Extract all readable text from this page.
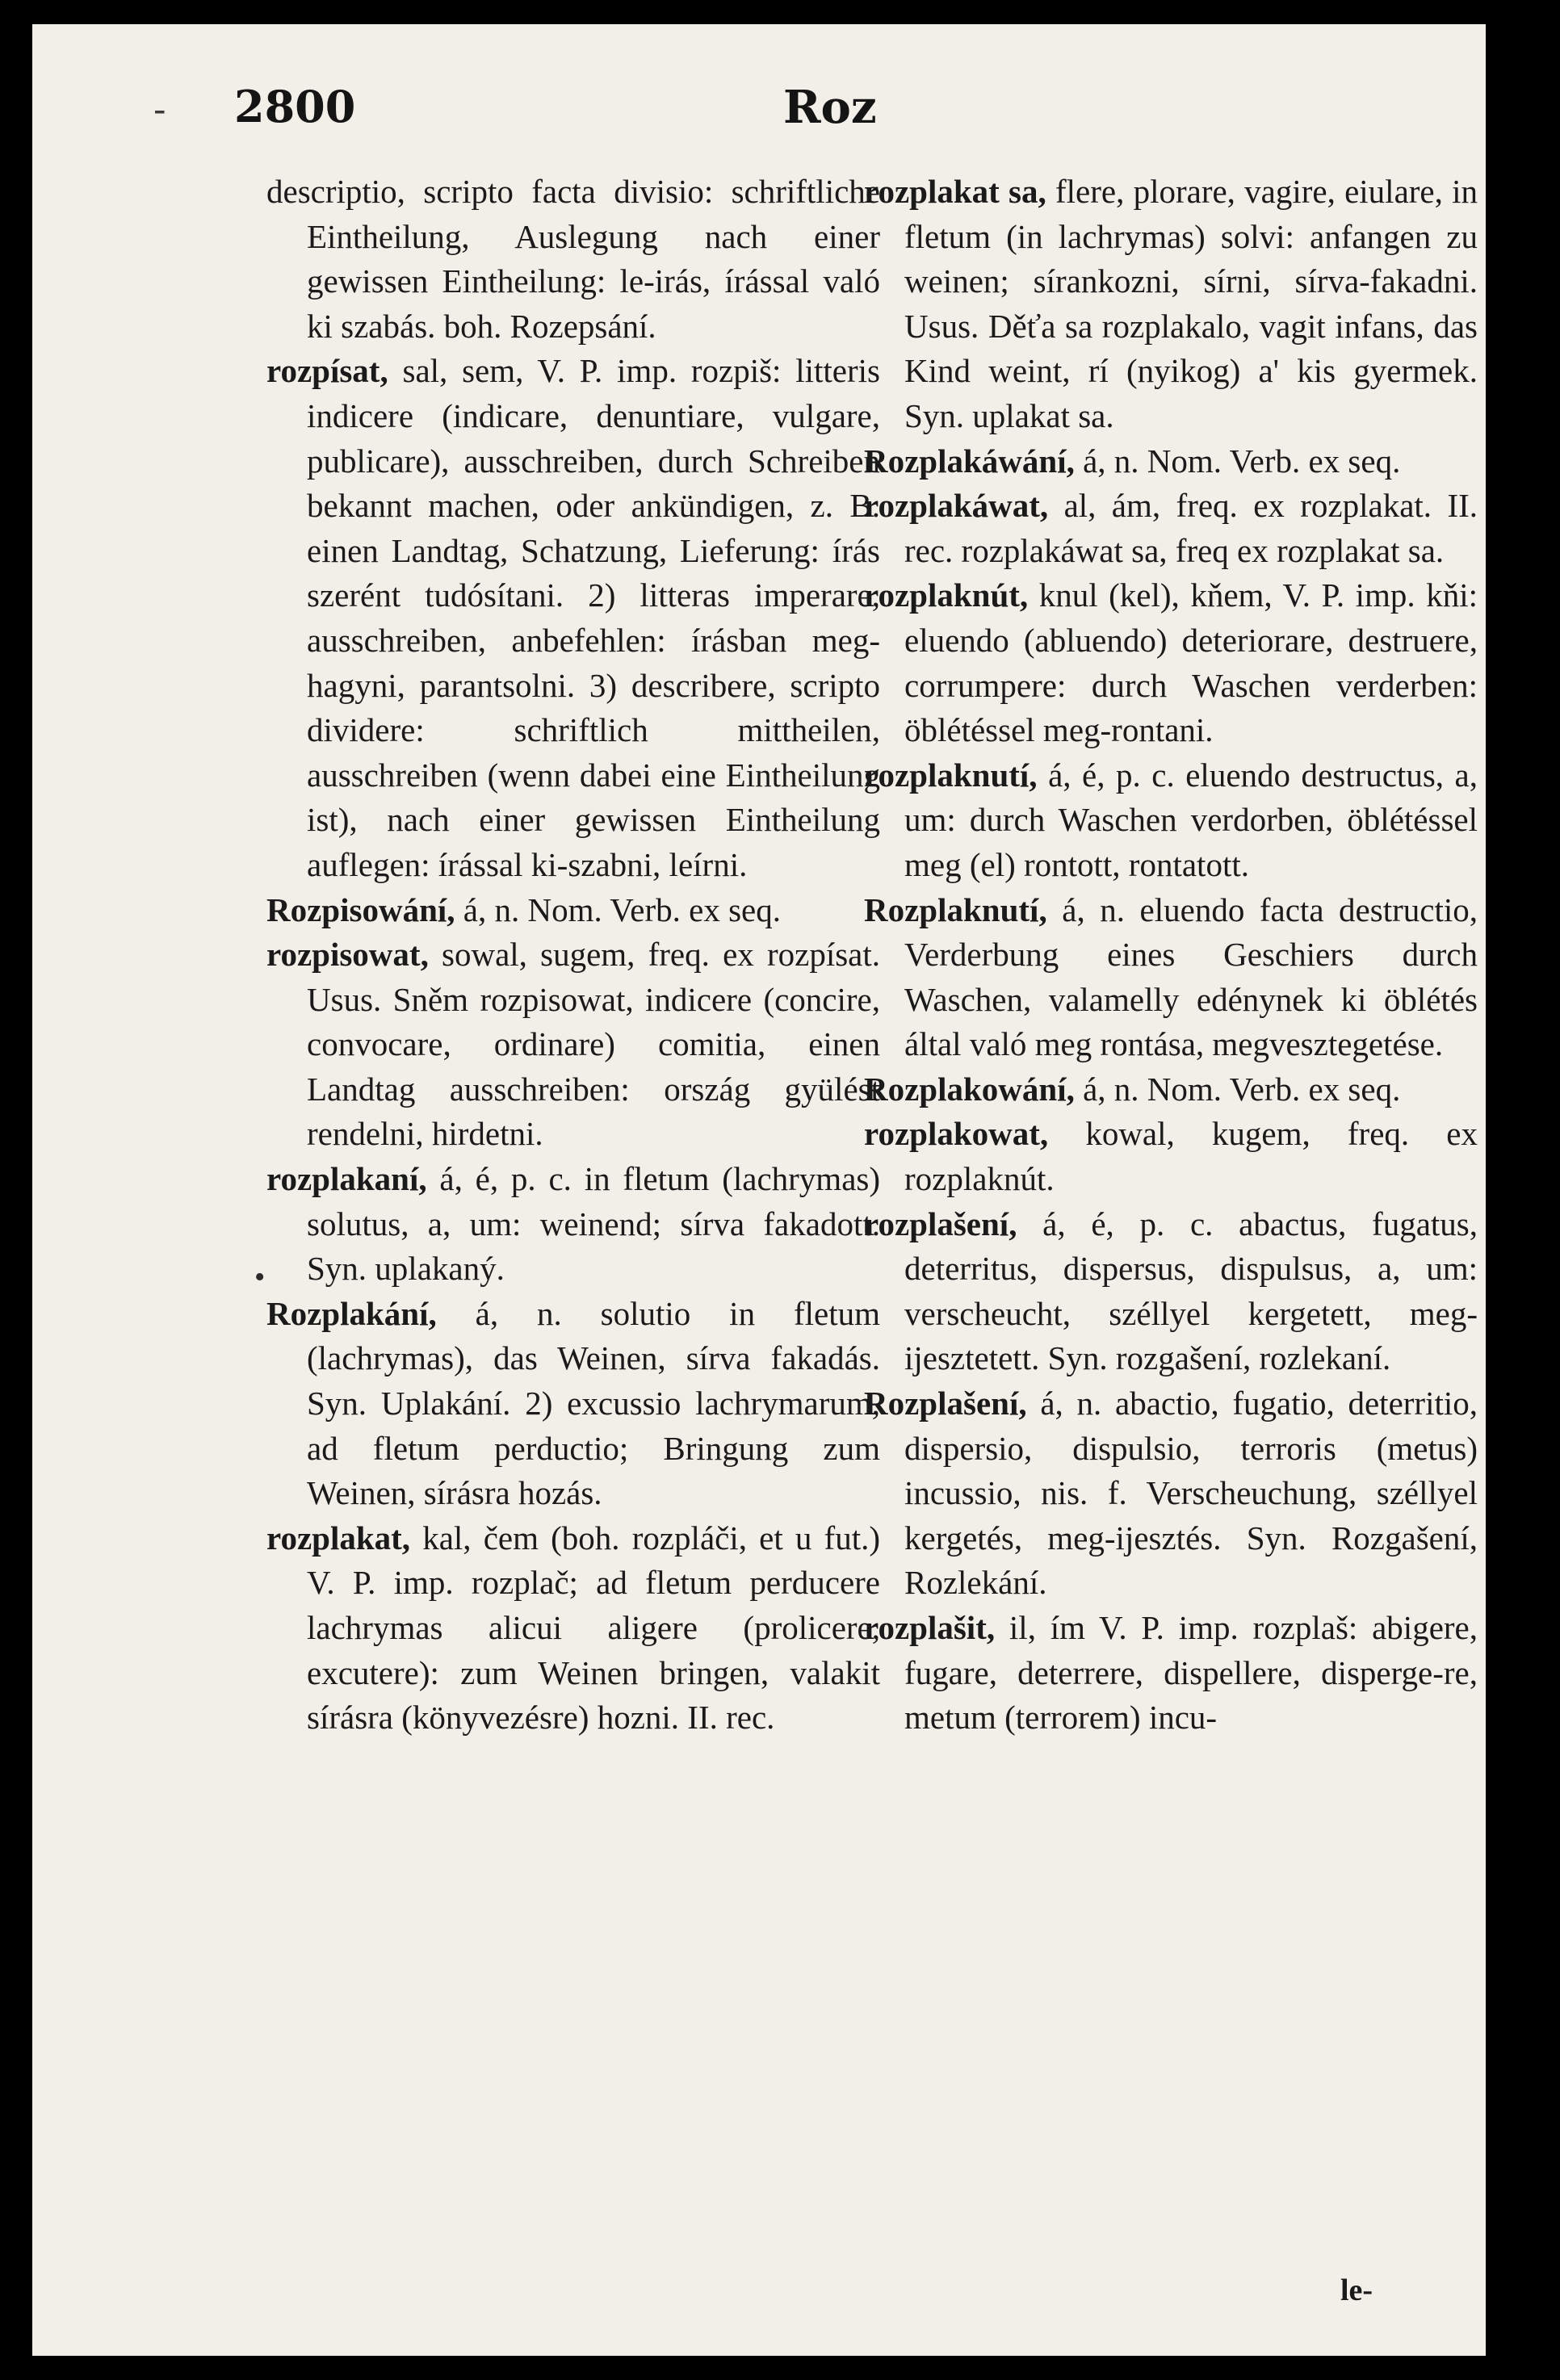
- 2800	Roz

descriptio, scripto facta divisio: schriftliche Eintheilung, Auslegung nach einer gewissen Eintheilung: le-irás, írással való ki szabás. boh. Rozepsání.

rozpísat, sal, sem, V. P. imp. rozpiš: litteris indicere (indicare, denuntiare, vulgare, publicare), ausschreiben, durch Schreiben bekannt machen, oder ankündigen, z. B. einen Landtag, Schatzung, Lieferung: írás szerént tudósítani. 2) litteras imperare, ausschreiben, anbefehlen: írásban meg-hagyni, parantsolni. 3) describere, scripto dividere: schriftlich mittheilen, ausschreiben (wenn dabei eine Eintheilung ist), nach einer gewissen Eintheilung auflegen: írással ki-szabni, leírni.

Rozpisowání, á, n. Nom. Verb. ex seq.

rozpisowat, sowal, sugem, freq. ex rozpísat. Usus. Sněm rozpisowat, indicere (concire, convocare, ordinare) comitia, einen Landtag ausschreiben: ország gyülést rendelni, hirdetni.

rozplakaní, á, é, p. c. in fletum (lachrymas) solutus, a, um: weinend; sírva fakadott. Syn. uplakaný.

Rozplakání, á, n. solutio in fletum (lachrymas), das Weinen, sírva fakadás. Syn. Uplakání. 2) excussio lachrymarum, ad fletum perductio; Bringung zum Weinen, sírásra hozás.

rozplakat, kal, čem (boh. rozpláči, et u fut.) V. P. imp. rozplač; ad fletum perducere lachrymas alicui aligere (prolicere, excutere): zum Weinen bringen, valakit sírásra (könyvezésre) hozni. II. rec.

rozplakat sa, flere, plorare, vagire, eiulare, in fletum (in lachrymas) solvi: anfangen zu weinen; sírankozni, sírni, sírva-fakadni. Usus. Děťa sa rozplakalo, vagit infans, das Kind weint, rí (nyikog) a' kis gyermek. Syn. uplakat sa.

Rozplakáwání, á, n. Nom. Verb. ex seq.

rozplakáwat, al, ám, freq. ex rozplakat. II. rec. rozplakáwat sa, freq ex rozplakat sa.

rozplaknút, knul (kel), kňem, V. P. imp. kňi: eluendo (abluendo) deteriorare, destruere, corrumpere: durch Waschen verderben: öblétéssel meg-rontani.

rozplaknutí, á, é, p. c. eluendo destructus, a, um: durch Waschen verdorben, öblétéssel meg (el) rontott, rontatott.

Rozplaknutí, á, n. eluendo facta destructio, Verderbung eines Geschiers durch Waschen, valamelly edénynek ki öblétés által való meg rontása, megvesztegetése.

Rozplakowání, á, n. Nom. Verb. ex seq.

rozplakowat, kowal, kugem, freq. ex rozplaknút.

rozplašení, á, é, p. c. abactus, fugatus, deterritus, dispersus, dispulsus, a, um: verscheucht, széllyel kergetett, meg-ijesztetett. Syn. rozgašení, rozlekaní.

Rozplašení, á, n. abactio, fugatio, deterritio, dispersio, dispulsio, terroris (metus) incussio, nis. f. Verscheuchung, széllyel kergetés, meg-ijesztés. Syn. Rozgašení, Rozlekání.

rozplašit, il, ím V. P. imp. rozplaš: abigere, fugare, deterrere, dispellere, disperge-re, metum (terrorem) incu-

•
le-
